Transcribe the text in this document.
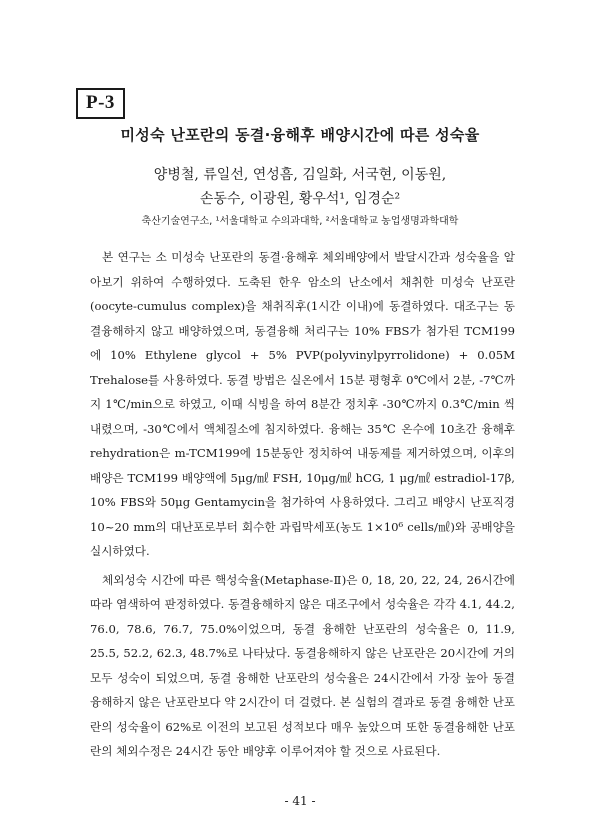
P-3
미성숙 난포란의 동결·융해후 배양시간에 따른 성숙율
양병철, 류일선, 연성흠, 김일화, 서국현, 이동원,
손동수, 이광원, 황우석¹, 임경순²
축산기술연구소, ¹서울대학교 수의과대학, ²서울대학교 농업생명과학대학

본 연구는 소 미성숙 난포란의 동결·융해후 체외배양에서 발달시간과 성숙율을 알아보기 위하여 수행하였다. 도축된 한우 암소의 난소에서 채취한 미성숙 난포란(oocyte-cumulus complex)을 채취직후(1시간 이내)에 동결하였다. 대조구는 동결융해하지 않고 배양하였으며, 동결융해 처리구는 10% FBS가 첨가된 TCM199에 10% Ethylene glycol + 5% PVP(polyvinylpyrrolidone) + 0.05M Trehalose를 사용하였다. 동결 방법은 실온에서 15분 평형후 0℃에서 2분, -7℃까지 1℃/min으로 하였고, 이때 식빙을 하여 8분간 정치후 -30℃까지 0.3℃/min 씩 내렸으며, -30℃에서 액체질소에 침지하였다. 융해는 35℃ 온수에 10초간 융해후 rehydration은 m-TCM199에 15분동안 정치하여 내동제를 제거하였으며, 이후의 배양은 TCM199 배양액에 5μg/㎖ FSH, 10μg/㎖ hCG, 1 μg/㎖ estradiol-17β, 10% FBS와 50μg Gentamycin을 첨가하여 사용하였다. 그리고 배양시 난포직경 10~20 mm의 대난포로부터 회수한 과립막세포(농도 1×10⁶ cells/㎖)와 공배양을 실시하였다.

체외성숙 시간에 따른 핵성숙율(Metaphase-Ⅱ)은 0, 18, 20, 22, 24, 26시간에 따라 염색하여 판정하였다. 동결융해하지 않은 대조구에서 성숙율은 각각 4.1, 44.2, 76.0, 78.6, 76.7, 75.0%이었으며, 동결 융해한 난포란의 성숙율은 0, 11.9, 25.5, 52.2, 62.3, 48.7%로 나타났다. 동결융해하지 않은 난포란은 20시간에 거의 모두 성숙이 되었으며, 동결 융해한 난포란의 성숙율은 24시간에서 가장 높아 동결 융해하지 않은 난포란보다 약 2시간이 더 걸렸다. 본 실험의 결과로 동결 융해한 난포란의 성숙율이 62%로 이전의 보고된 성적보다 매우 높았으며 또한 동결융해한 난포란의 체외수정은 24시간 동안 배양후 이루어져야 할 것으로 사료된다.

- 41 -
